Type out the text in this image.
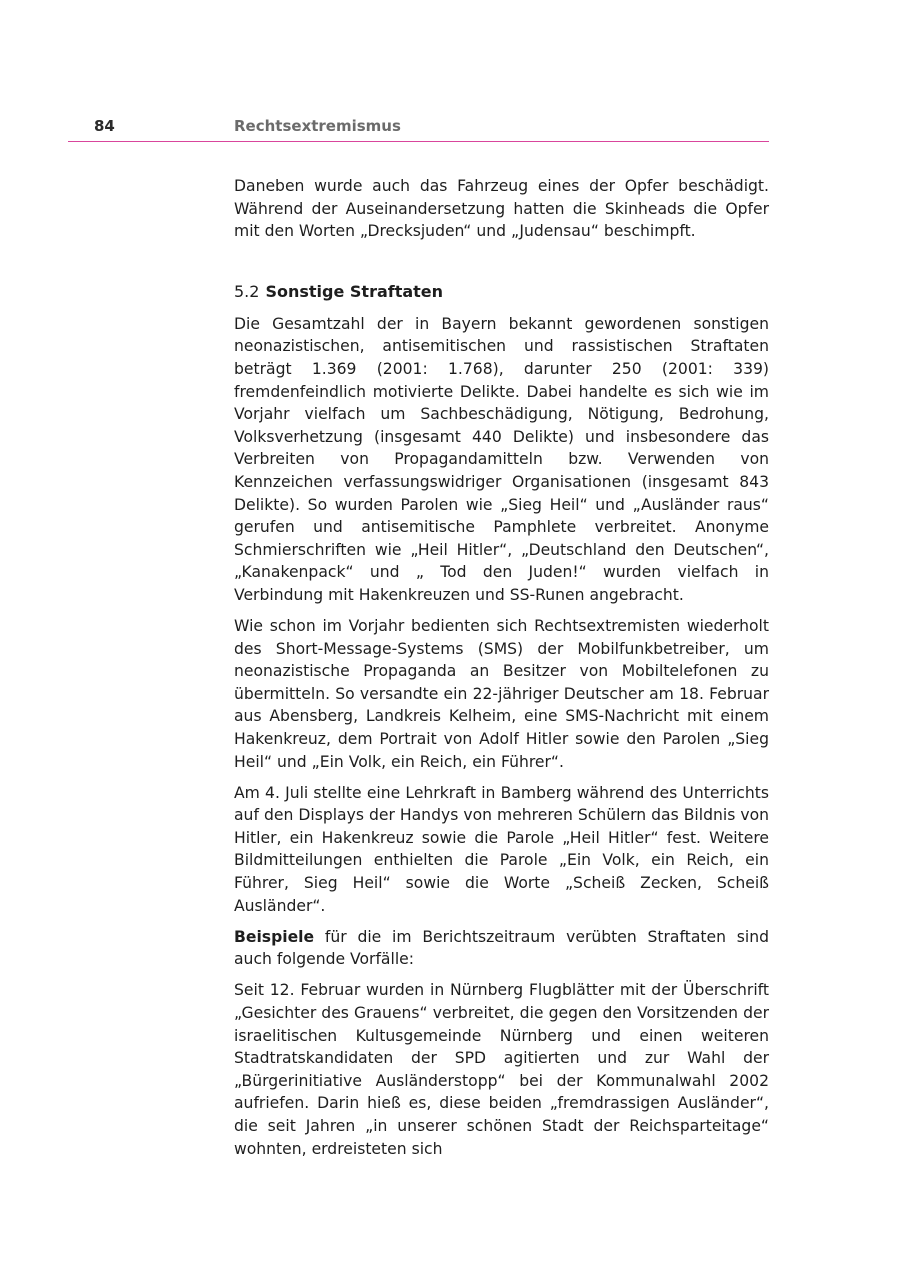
84	Rechtsextremismus

Daneben wurde auch das Fahrzeug eines der Opfer beschädigt. Während der Auseinandersetzung hatten die Skinheads die Opfer mit den Worten „Drecksjuden“ und „Judensau“ beschimpft.

5.2 Sonstige Straftaten

Die Gesamtzahl der in Bayern bekannt gewordenen sonstigen neonazistischen, antisemitischen und rassistischen Straftaten beträgt 1.369 (2001: 1.768), darunter 250 (2001: 339) fremdenfeindlich motivierte Delikte. Dabei handelte es sich wie im Vorjahr vielfach um Sachbeschädigung, Nötigung, Bedrohung, Volksverhetzung (insgesamt 440 Delikte) und insbesondere das Verbreiten von Propagandamitteln bzw. Verwenden von Kennzeichen verfassungswidriger Organisationen (insgesamt 843 Delikte). So wurden Parolen wie „Sieg Heil“ und „Ausländer raus“ gerufen und antisemitische Pamphlete verbreitet. Anonyme Schmierschriften wie „Heil Hitler“, „Deutschland den Deutschen“, „Kanakenpack“ und „ Tod den Juden!“ wurden vielfach in Verbindung mit Hakenkreuzen und SS-Runen angebracht.

Wie schon im Vorjahr bedienten sich Rechtsextremisten wiederholt des Short-Message-Systems (SMS) der Mobilfunkbetreiber, um neonazistische Propaganda an Besitzer von Mobiltelefonen zu übermitteln. So versandte ein 22-jähriger Deutscher am 18. Februar aus Abensberg, Landkreis Kelheim, eine SMS-Nachricht mit einem Hakenkreuz, dem Portrait von Adolf Hitler sowie den Parolen „Sieg Heil“ und „Ein Volk, ein Reich, ein Führer“.

Am 4. Juli stellte eine Lehrkraft in Bamberg während des Unterrichts auf den Displays der Handys von mehreren Schülern das Bildnis von Hitler, ein Hakenkreuz sowie die Parole „Heil Hitler“ fest. Weitere Bildmitteilungen enthielten die Parole „Ein Volk, ein Reich, ein Führer, Sieg Heil“ sowie die Worte „Scheiß Zecken, Scheiß Ausländer“.

Beispiele für die im Berichtszeitraum verübten Straftaten sind auch folgende Vorfälle:

Seit 12. Februar wurden in Nürnberg Flugblätter mit der Überschrift „Gesichter des Grauens“ verbreitet, die gegen den Vorsitzenden der israelitischen Kultusgemeinde Nürnberg und einen weiteren Stadtratskandidaten der SPD agitierten und zur Wahl der „Bürgerinitiative Ausländerstopp“ bei der Kommunalwahl 2002 aufriefen. Darin hieß es, diese beiden „fremdrassigen Ausländer“, die seit Jahren „in unserer schönen Stadt der Reichsparteitage“ wohnten, erdreisteten sich
